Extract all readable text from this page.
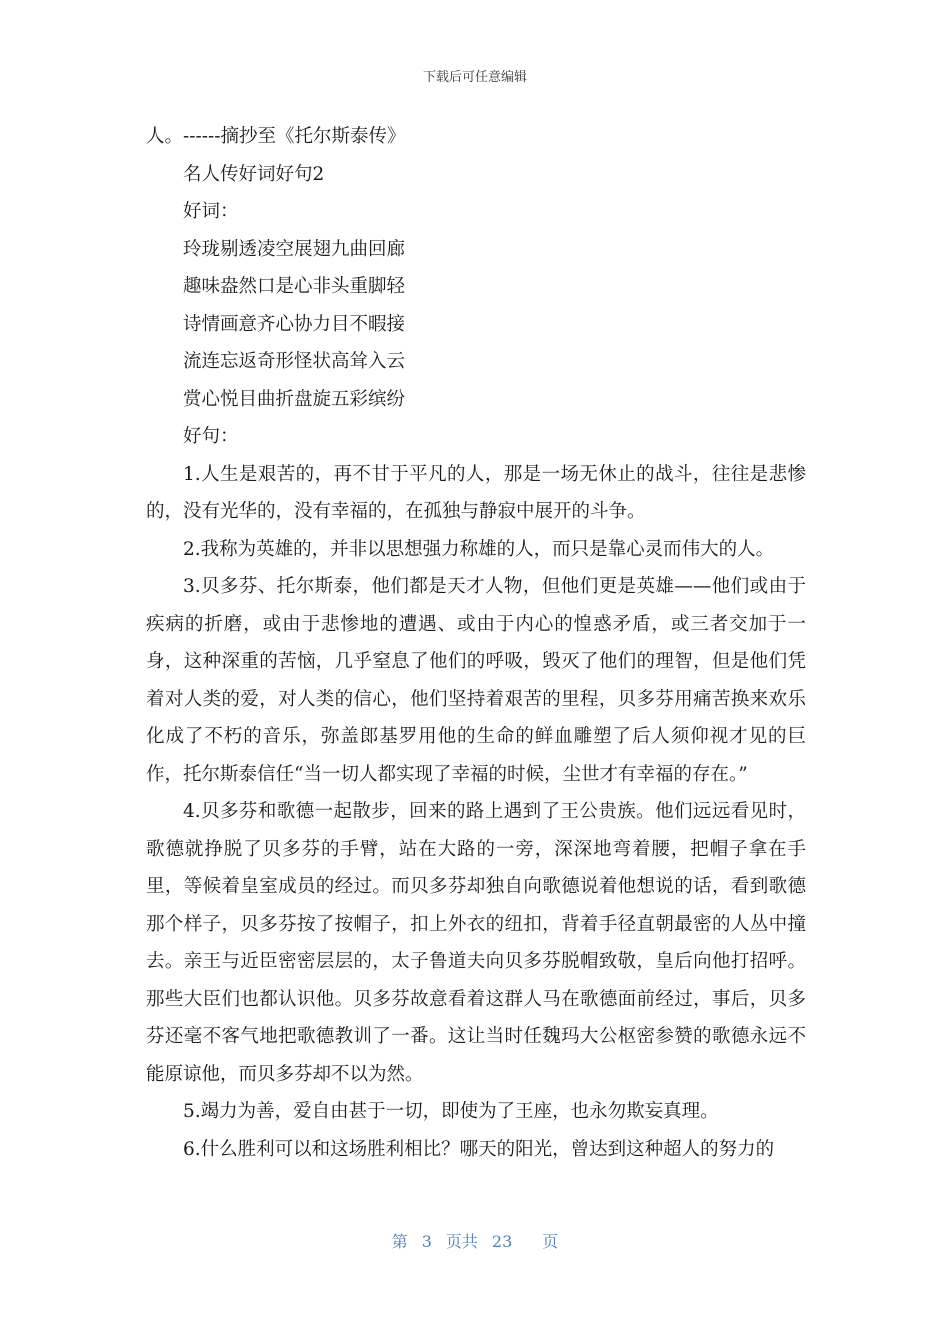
下载后可任意编辑

人。------摘抄至《托尔斯泰传》

名人传好词好句2

好词：

玲珑剔透凌空展翅九曲回廊

趣味盎然口是心非头重脚轻

诗情画意齐心协力目不暇接

流连忘返奇形怪状高耸入云

赏心悦目曲折盘旋五彩缤纷

好句：

1.人生是艰苦的，再不甘于平凡的人，那是一场无休止的战斗，往往是悲惨的，没有光华的，没有幸福的，在孤独与静寂中展开的斗争。

2.我称为英雄的，并非以思想强力称雄的人，而只是靠心灵而伟大的人。

3.贝多芬、托尔斯泰，他们都是天才人物，但他们更是英雄——他们或由于疾病的折磨，或由于悲惨地的遭遇、或由于内心的惶惑矛盾，或三者交加于一身，这种深重的苦恼，几乎窒息了他们的呼吸，毁灭了他们的理智，但是他们凭着对人类的爱，对人类的信心，他们坚持着艰苦的里程，贝多芬用痛苦换来欢乐化成了不朽的音乐，弥盖郎基罗用他的生命的鲜血雕塑了后人须仰视才见的巨作，托尔斯泰信任“当一切人都实现了幸福的时候，尘世才有幸福的存在。”

4.贝多芬和歌德一起散步，回来的路上遇到了王公贵族。他们远远看见时，歌德就挣脱了贝多芬的手臂，站在大路的一旁，深深地弯着腰，把帽子拿在手里，等候着皇室成员的经过。而贝多芬却独自向歌德说着他想说的话，看到歌德那个样子，贝多芬按了按帽子，扣上外衣的纽扣，背着手径直朝最密的人丛中撞去。亲王与近臣密密层层的，太子鲁道夫向贝多芬脱帽致敬，皇后向他打招呼。那些大臣们也都认识他。贝多芬故意看着这群人马在歌德面前经过，事后，贝多芬还毫不客气地把歌德教训了一番。这让当时任魏玛大公枢密参赞的歌德永远不能原谅他，而贝多芬却不以为然。

5.竭力为善，爱自由甚于一切，即使为了王座，也永勿欺妄真理。

6.什么胜利可以和这场胜利相比？哪天的阳光，曾达到这种超人的努力的

第 3 页共 23 页
